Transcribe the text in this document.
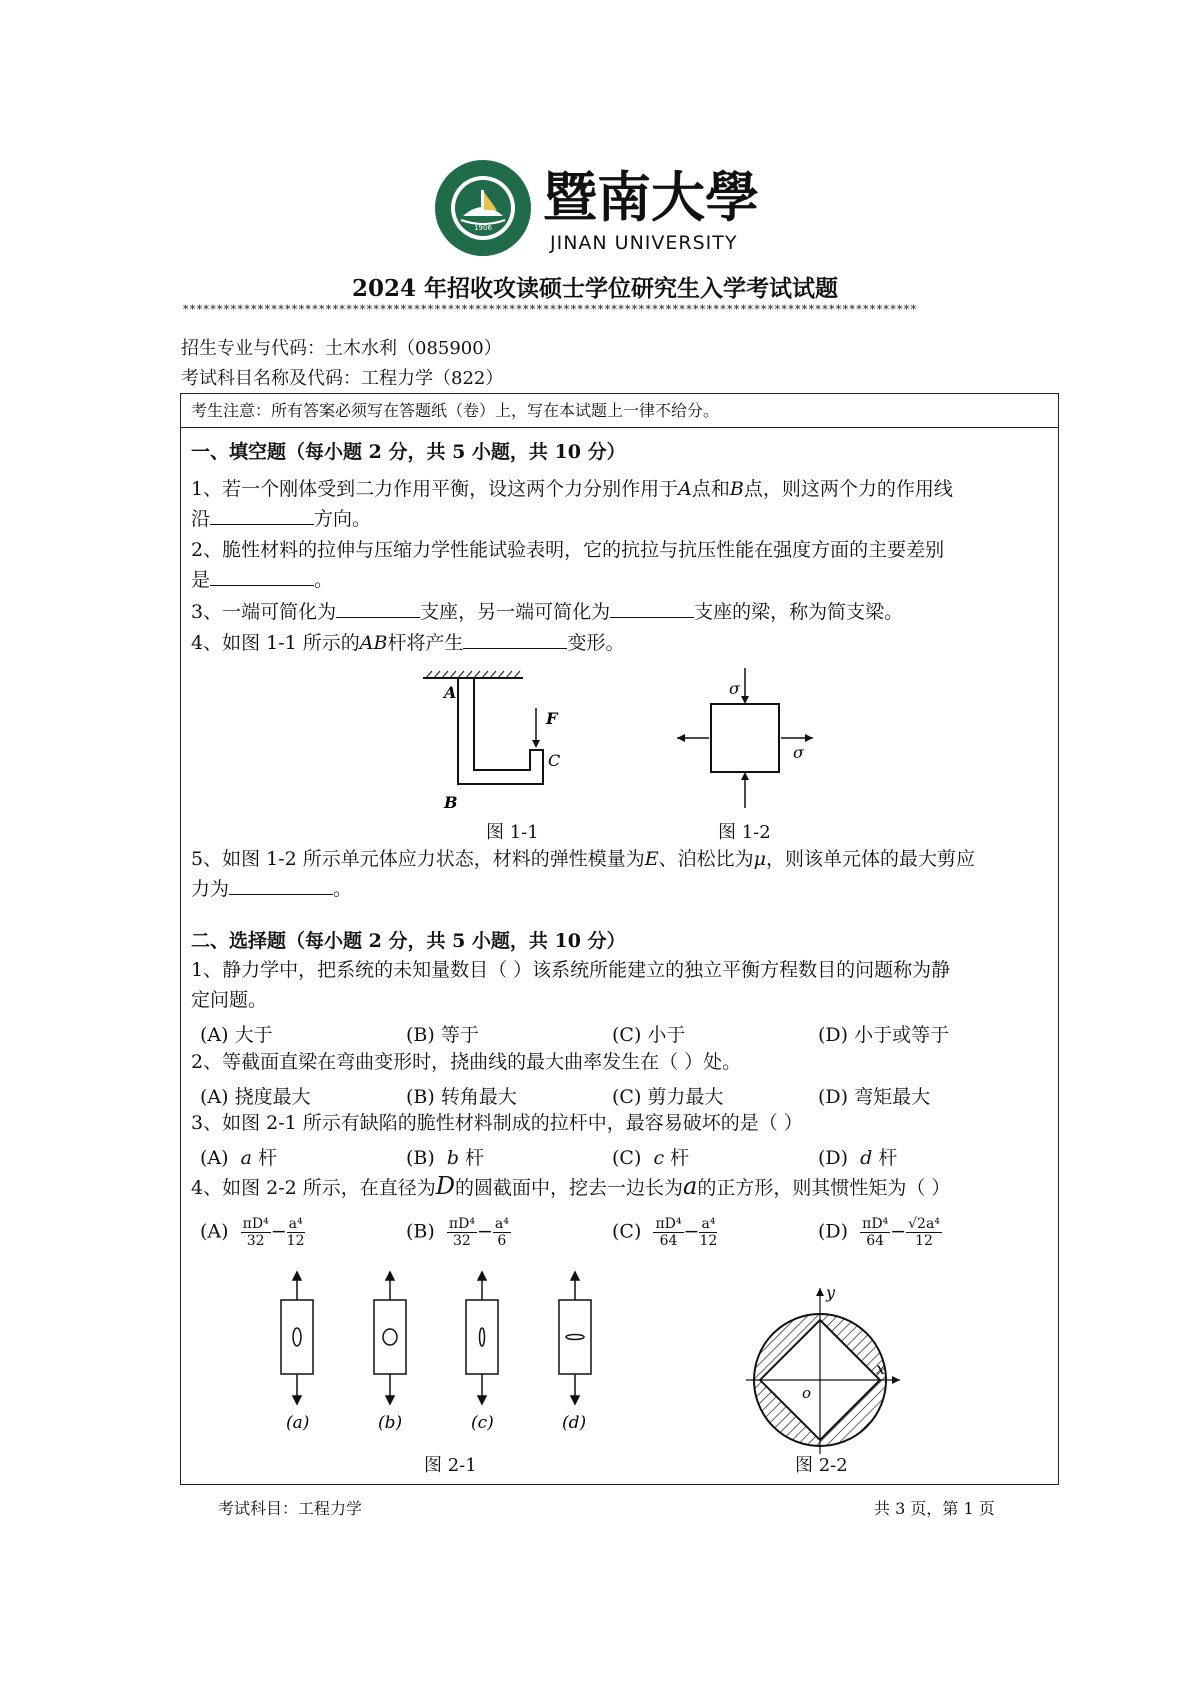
1906 暨南大學
JINAN UNIVERSITY
2024 年招收攻读硕士学位研究生入学考试试题
************************************************************************************************************
招生专业与代码：土木水利（085900）
考试科目名称及代码：工程力学（822）
考生注意：所有答案必须写在答题纸（卷）上，写在本试题上一律不给分。
一、填空题（每小题 2 分，共 5 小题，共 10 分）
1、若一个刚体受到二力作用平衡，设这两个力分别作用于A点和B点，则这两个力的作用线
沿	方向。
2、脆性材料的拉伸与压缩力学性能试验表明，它的抗拉与抗压性能在强度方面的主要差别
是	。
3、一端可简化为	支座，另一端可简化为	支座的梁，称为简支梁。
4、如图 1-1 所示的AB杆将产生	变形。
A
B
F
C
σ
σ
图 1-1	图 1-2
5、如图 1-2 所示单元体应力状态，材料的弹性模量为E、泊松比为μ，则该单元体的最大剪应
力为	。
二、选择题（每小题 2 分，共 5 小题，共 10 分）
1、静力学中，把系统的未知量数目（ ）该系统所能建立的独立平衡方程数目的问题称为静
定问题。
(A) 大于	(B) 等于	(C) 小于	(D) 小于或等于
2、等截面直梁在弯曲变形时，挠曲线的最大曲率发生在（ ）处。
(A) 挠度最大	(B) 转角最大	(C) 剪力最大	(D) 弯矩最大
3、如图 2-1 所示有缺陷的脆性材料制成的拉杆中，最容易破坏的是（ ）
(A) a 杆	(B) b 杆	(C) c 杆	(D) d 杆
4、如图 2-2 所示，在直径为D的圆截面中，挖去一边长为a的正方形，则其惯性矩为（ ）
$(A) \frac{\text{πD⁴}}{32} - \frac{\text{a⁴}}{12}$	$(B) \frac{\text{πD⁴}}{32} - \frac{\text{a⁴}}{6}$	$(C) \frac{\text{πD⁴}}{64} - \frac{\text{a⁴}}{12}$	$(D) \frac{\text{πD⁴}}{64} - \frac{\text{√2a⁴}}{12}$
(a)	(b)	(c)	(d)
y
x
o
图 2-1	图 2-2
考试科目：工程力学	共 3 页，第 1 页
